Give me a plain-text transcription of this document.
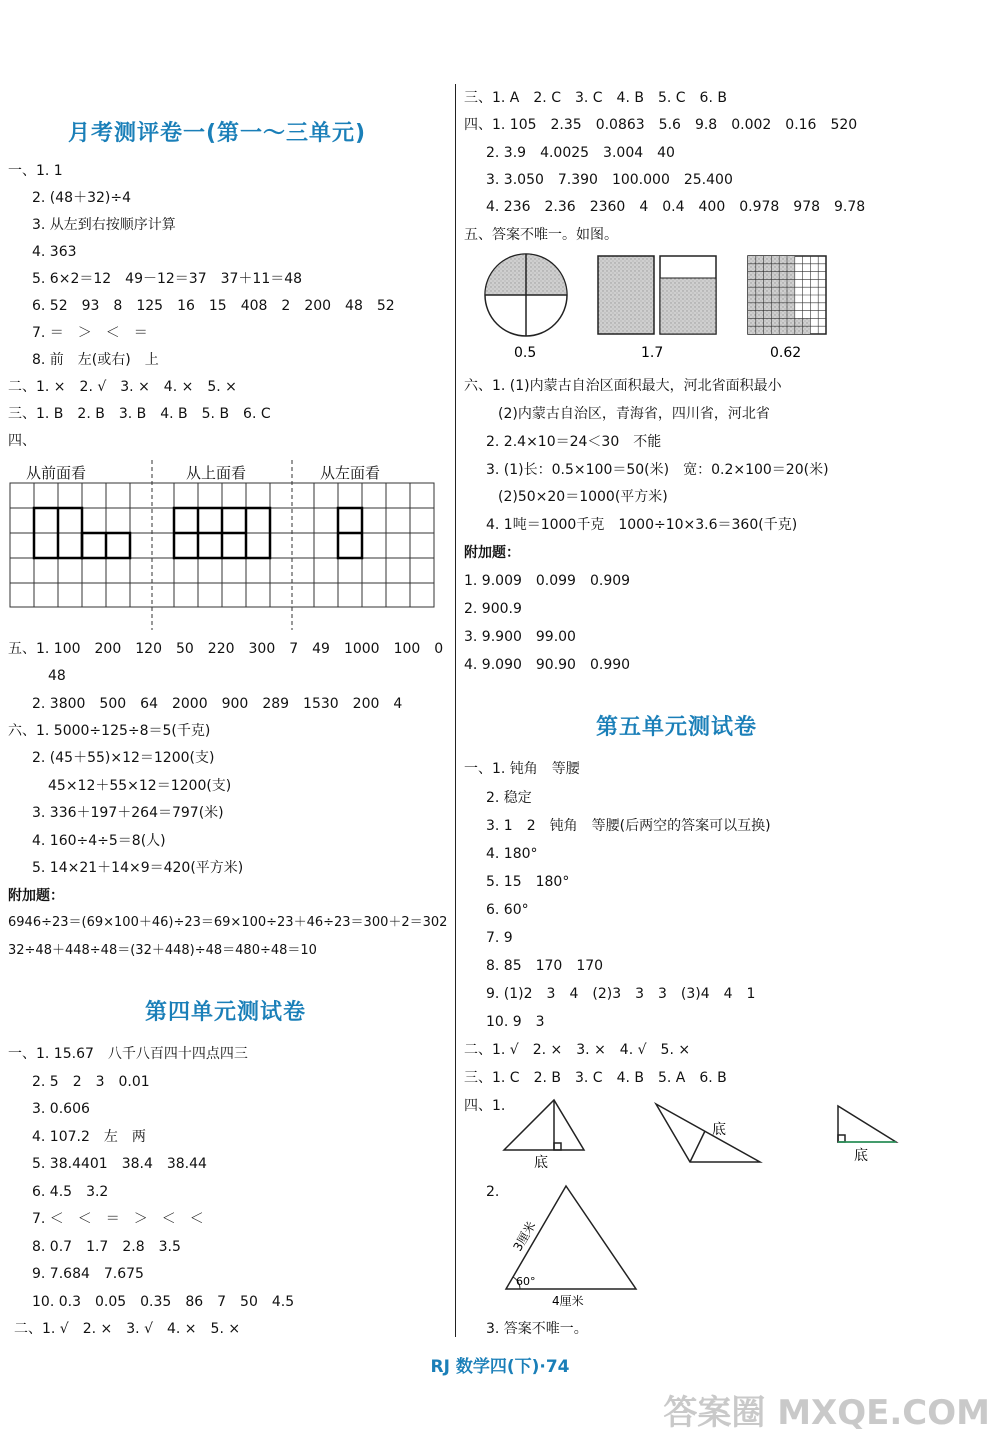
月考测评卷一(第一～三单元)
一、1. 1
2. (48＋32)÷4
3. 从左到右按顺序计算
4. 363
5. 6×2＝12　49－12＝37　37＋11＝48
6. 52　93　8　125　16　15　408　2　200　48　52
7. ＝　＞　＜　＝
8. 前　左(或右)　上
二、1. ×　2. √　3. ×　4. ×　5. ×
三、1. B　2. B　3. B　4. B　5. B　6. C
四、
从前面看	从上面看	从左面看
五、1. 100　200　120　50　220　300　7　49　1000　100　0
48
2. 3800　500　64　2000　900　289　1530　200　4
六、1. 5000÷125÷8＝5(千克)
2. (45＋55)×12＝1200(支)
45×12＋55×12＝1200(支)
3. 336＋197＋264＝797(米)
4. 160÷4÷5＝8(人)
5. 14×21＋14×9＝420(平方米)
附加题：
6946÷23＝(69×100＋46)÷23＝69×100÷23＋46÷23＝300＋2＝302
32÷48＋448÷48＝(32＋448)÷48＝480÷48＝10
第四单元测试卷
一、1. 15.67　八千八百四十四点四三
2. 5　2　3　0.01
3. 0.606
4. 107.2　左　两
5. 38.4401　38.4　38.44
6. 4.5　3.2
7. ＜　＜　＝　＞　＜　＜
8. 0.7　1.7　2.8　3.5
9. 7.684　7.675
10. 0.3　0.05　0.35　86　7　50　4.5
二、1. √　2. ×　3. √　4. ×　5. ×
三、1. A　2. C　3. C　4. B　5. C　6. B
四、1. 105　2.35　0.0863　5.6　9.8　0.002　0.16　520
2. 3.9　4.0025　3.004　40
3. 3.050　7.390　100.000　25.400
4. 236　2.36　2360　4　0.4　400　0.978　978　9.78
五、答案不唯一。如图。
0.5	1.7	0.62
六、1. (1)内蒙古自治区面积最大，河北省面积最小
(2)内蒙古自治区，青海省，四川省，河北省
2. 2.4×10＝24＜30　不能
3. (1)长：0.5×100＝50(米)　宽：0.2×100＝20(米)
(2)50×20＝1000(平方米)
4. 1吨＝1000千克　1000÷10×3.6＝360(千克)
附加题：
1. 9.009　0.099　0.909
2. 900.9
3. 9.900　99.00
4. 9.090　90.90　0.990
第五单元测试卷
一、1. 钝角　等腰
2. 稳定
3. 1　2　钝角　等腰(后两空的答案可以互换)
4. 180°
5. 15　180°
6. 60°
7. 9
8. 85　170　170
9. (1)2　3　4　(2)3　3　3　(3)4　4　1
10. 9　3
二、1. √　2. ×　3. ×　4. √　5. ×
三、1. C　2. B　3. C　4. B　5. A　6. B
四、1.
底
底
底
2.
60°
3厘米
4厘米
3. 答案不唯一。
RJ 数学四(下)·74
答案圈 MXQE.COM
